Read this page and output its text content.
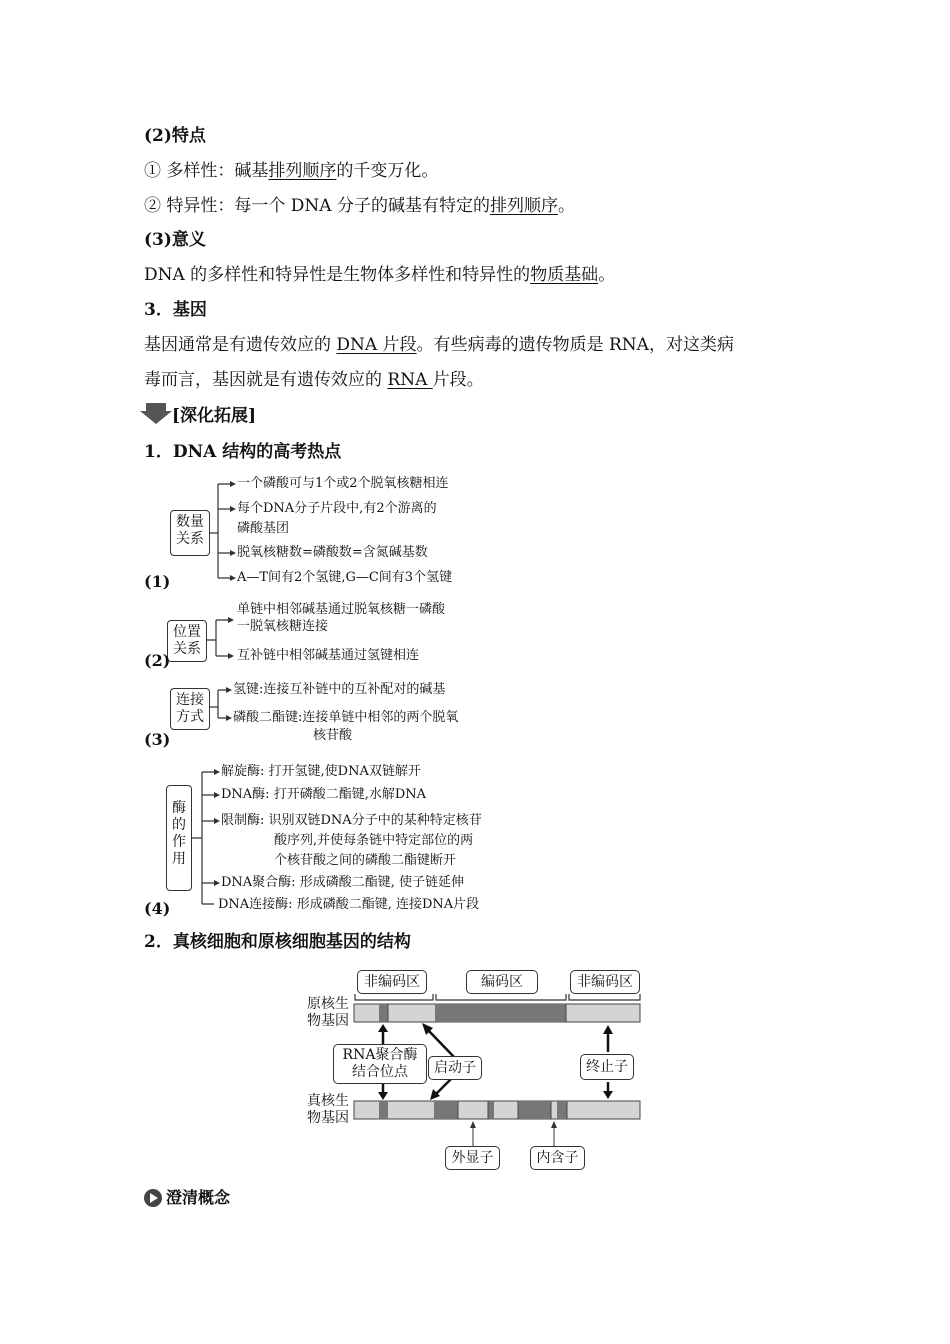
(2)特点
① 多样性：碱基排列顺序的千变万化。
② 特异性：每一个 DNA 分子的碱基有特定的排列顺序。
(3)意义
DNA 的多样性和特异性是生物体多样性和特异性的物质基础。
3．基因
基因通常是有遗传效应的 DNA 片段。有些病毒的遗传物质是 RNA，对这类病
毒而言，基因就是有遗传效应的 RNA 片段。
[深化拓展]
1．DNA 结构的高考热点
数量
关系
一个磷酸可与1个或2个脱氧核糖相连
每个DNA分子片段中,有2个游离的
磷酸基团
脱氧核糖数=磷酸数=含氮碱基数
A—T间有2个氢键,G—C间有3个氢键
(1)
位置
关系
单链中相邻碱基通过脱氧核糖一磷酸
一脱氧核糖连接
互补链中相邻碱基通过氢键相连
(2)
连接
方式
氢键:连接互补链中的互补配对的碱基
磷酸二酯键:连接单链中相邻的两个脱氧
核苷酸
(3)
酶
的
作
用
解旋酶: 打开氢键,使DNA双链解开
DNA酶: 打开磷酸二酯键,水解DNA
限制酶: 识别双链DNA分子中的某种特定核苷
酸序列,并使每条链中特定部位的两
个核苷酸之间的磷酸二酯键断开
DNA聚合酶: 形成磷酸二酯键, 使子链延伸
DNA连接酶: 形成磷酸二酯键, 连接DNA片段
(4)
2．真核细胞和原核细胞基因的结构
非编码区	编码区	非编码区
原核生
物基因
真核生
物基因
RNA聚合酶
结合位点	启动子	终止子
外显子	内含子
澄清概念
